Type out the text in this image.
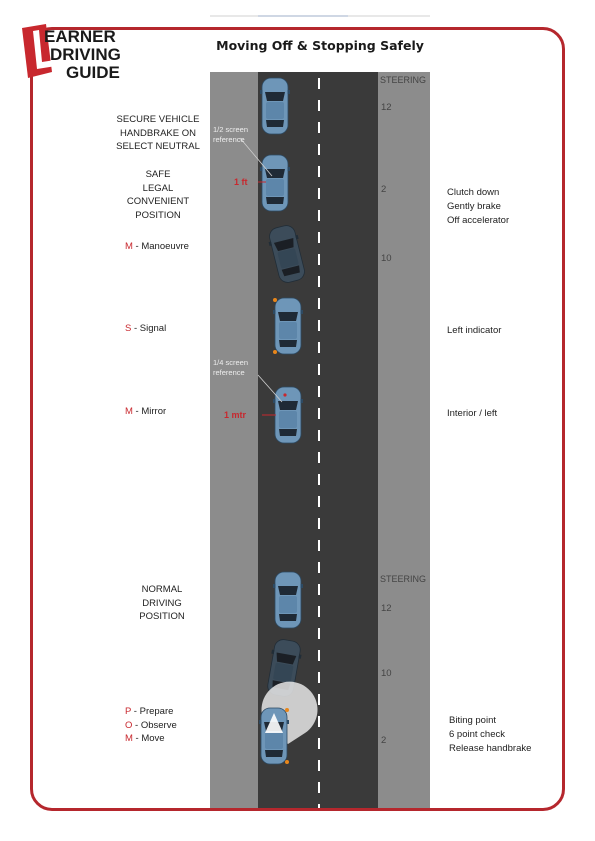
EARNER
DRIVING
GUIDE
Moving Off & Stopping Safely
SECURE VEHICLE
HANDBRAKE ON
SELECT NEUTRAL
SAFE
LEGAL
CONVENIENT
POSITION
M - Manoeuvre
S - Signal
M - Mirror
NORMAL
DRIVING
POSITION
P - Prepare
O - Observe
M - Move
1/2 screen
reference
1 ft
1/4 screen
reference
1 mtr
STEERING
12
2
10
STEERING
12
10
2
Clutch down
Gently brake
Off accelerator
Left indicator
Interior / left
Biting point
6 point check
Release handbrake
